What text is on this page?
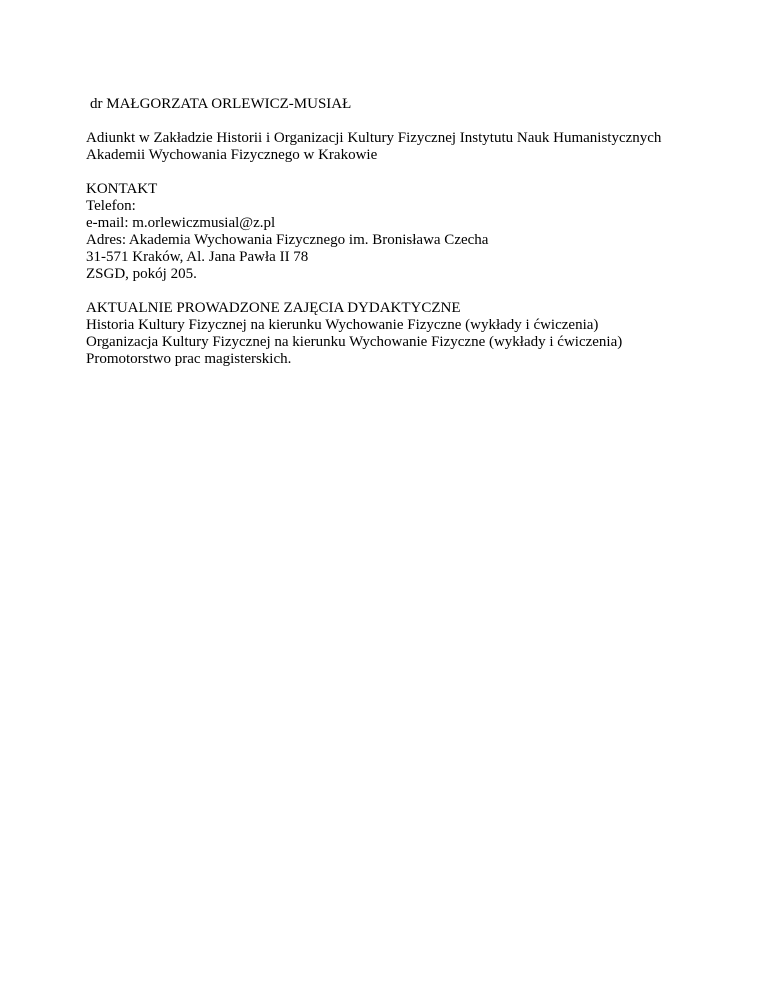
dr MAŁGORZATA ORLEWICZ-MUSIAŁ
Adiunkt w Zakładzie Historii i Organizacji Kultury Fizycznej Instytutu Nauk Humanistycznych
Akademii Wychowania Fizycznego w Krakowie
KONTAKT
Telefon:
e-mail: m.orlewiczmusial@z.pl
Adres: Akademia Wychowania Fizycznego im. Bronisława Czecha
31-571 Kraków, Al. Jana Pawła II 78
ZSGD, pokój 205.
AKTUALNIE PROWADZONE ZAJĘCIA DYDAKTYCZNE
Historia Kultury Fizycznej na kierunku Wychowanie Fizyczne (wykłady i ćwiczenia)
Organizacja Kultury Fizycznej na kierunku Wychowanie Fizyczne (wykłady i ćwiczenia)
Promotorstwo prac magisterskich.
